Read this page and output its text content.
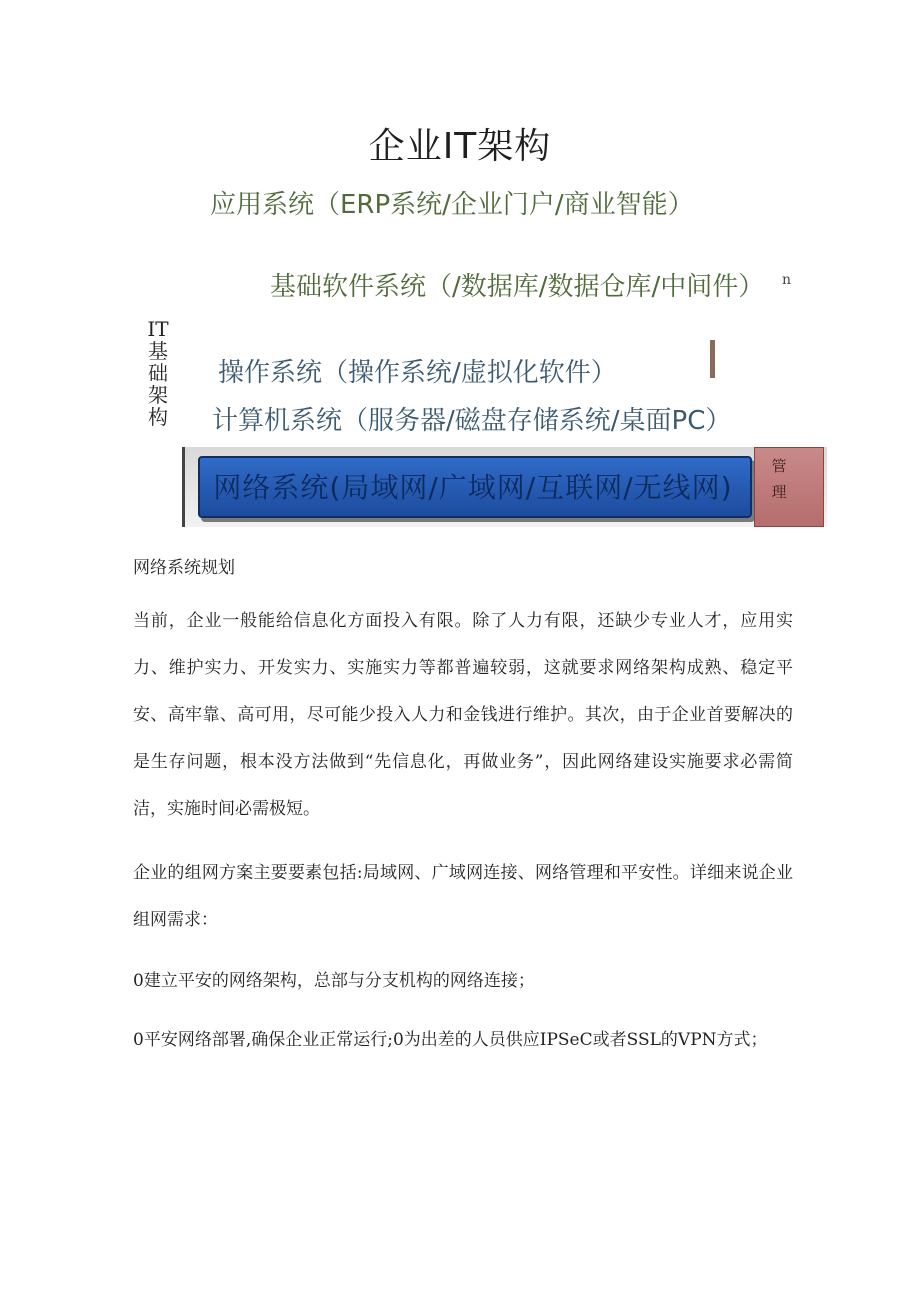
企业IT架构
应用系统（ERP系统/企业门户/商业智能）
基础软件系统（/数据库/数据仓库/中间件） n
IT
基
础
架
构
操作系统（操作系统/虚拟化软件）
计算机系统（服务器/磁盘存储系统/桌面PC）
网络系统(局域网/广域网/互联网/无线网)
管
理
网络系统规划
当前，企业一般能给信息化方面投入有限。除了人力有限，还缺少专业人才，应用实力、维护实力、开发实力、实施实力等都普遍较弱，这就要求网络架构成熟、稳定平安、高牢靠、高可用，尽可能少投入人力和金钱进行维护。其次，由于企业首要解决的是生存问题，根本没方法做到“先信息化，再做业务”，因此网络建设实施要求必需简洁，实施时间必需极短。
企业的组网方案主要要素包括:局域网、广域网连接、网络管理和平安性。详细来说企业组网需求：
0建立平安的网络架构，总部与分支机构的网络连接；
0平安网络部署,确保企业正常运行;0为出差的人员供应IPSeC或者SSL的VPN方式；
